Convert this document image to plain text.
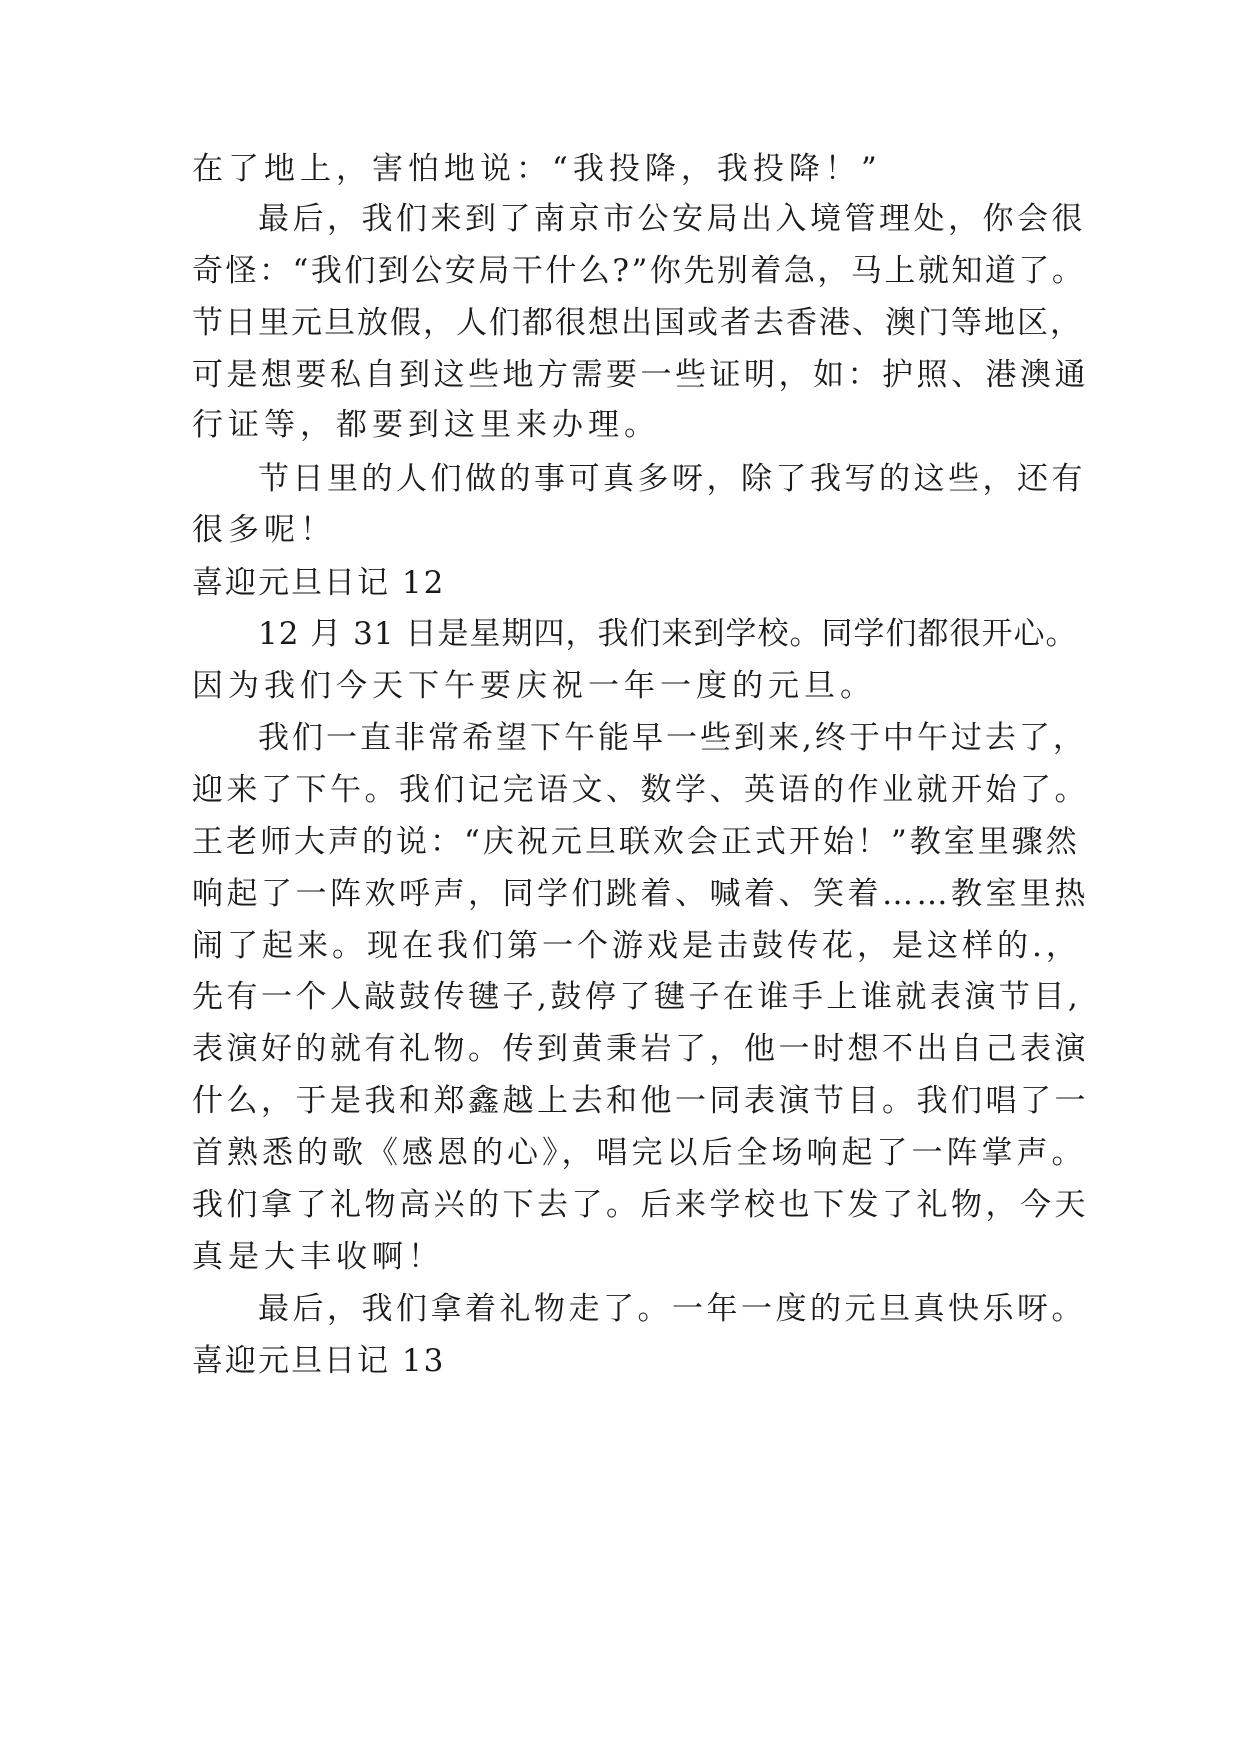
在了地上，害怕地说：“我投降，我投降！”
最后，我们来到了南京市公安局出入境管理处，你会很
奇怪：“我们到公安局干什么?”你先别着急，马上就知道了。
节日里元旦放假，人们都很想出国或者去香港、澳门等地区，
可是想要私自到这些地方需要一些证明，如：护照、港澳通
行证等，都要到这里来办理。
节日里的人们做的事可真多呀，除了我写的这些，还有
很多呢！
喜迎元旦日记 12
12 月 31 日是星期四，我们来到学校。同学们都很开心。
因为我们今天下午要庆祝一年一度的元旦。
我们一直非常希望下午能早一些到来,终于中午过去了，
迎来了下午。我们记完语文、数学、英语的作业就开始了。
王老师大声的说：“庆祝元旦联欢会正式开始！”教室里骤然
响起了一阵欢呼声，同学们跳着、喊着、笑着……教室里热
闹了起来。现在我们第一个游戏是击鼓传花，是这样的.，
先有一个人敲鼓传毽子,鼓停了毽子在谁手上谁就表演节目,
表演好的就有礼物。传到黄秉岩了，他一时想不出自己表演
什么，于是我和郑鑫越上去和他一同表演节目。我们唱了一
首熟悉的歌《感恩的心》，唱完以后全场响起了一阵掌声。
我们拿了礼物高兴的下去了。后来学校也下发了礼物，今天
真是大丰收啊！
最后，我们拿着礼物走了。一年一度的元旦真快乐呀。
喜迎元旦日记 13
